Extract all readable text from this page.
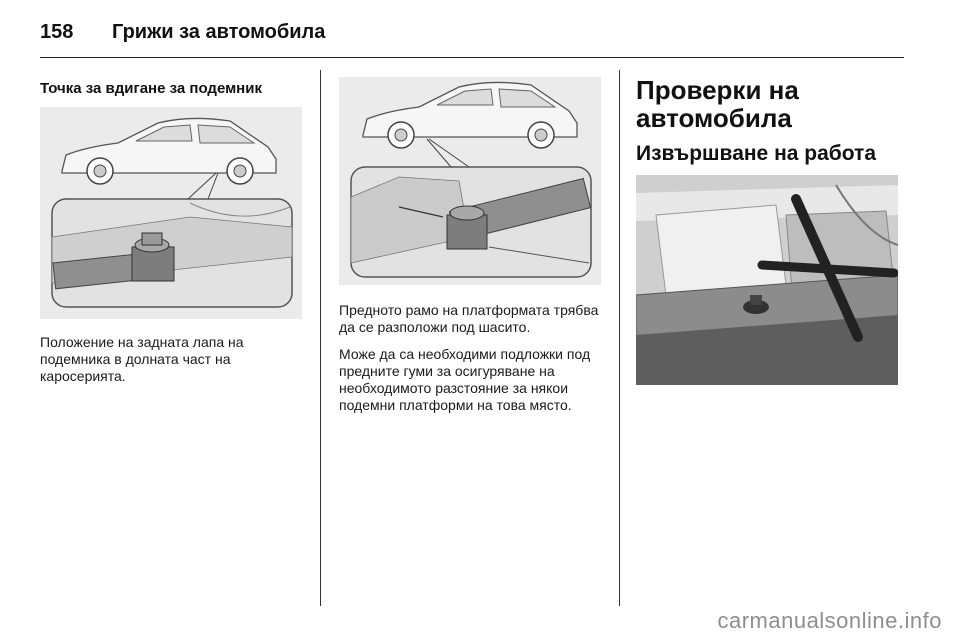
158	Грижи за автомобила
Точка за вдигане за подемник

Положение на задната лапа на подемника в долната част на каросерията.

Предното рамо на платформата трябва да се разположи под шасито.

Може да са необходими подложки под предните гуми за осигуряване на необходимото разстояние за някои подемни платформи на това място.

Проверки на автомобила
Извършване на работа
carmanualsonline.info
